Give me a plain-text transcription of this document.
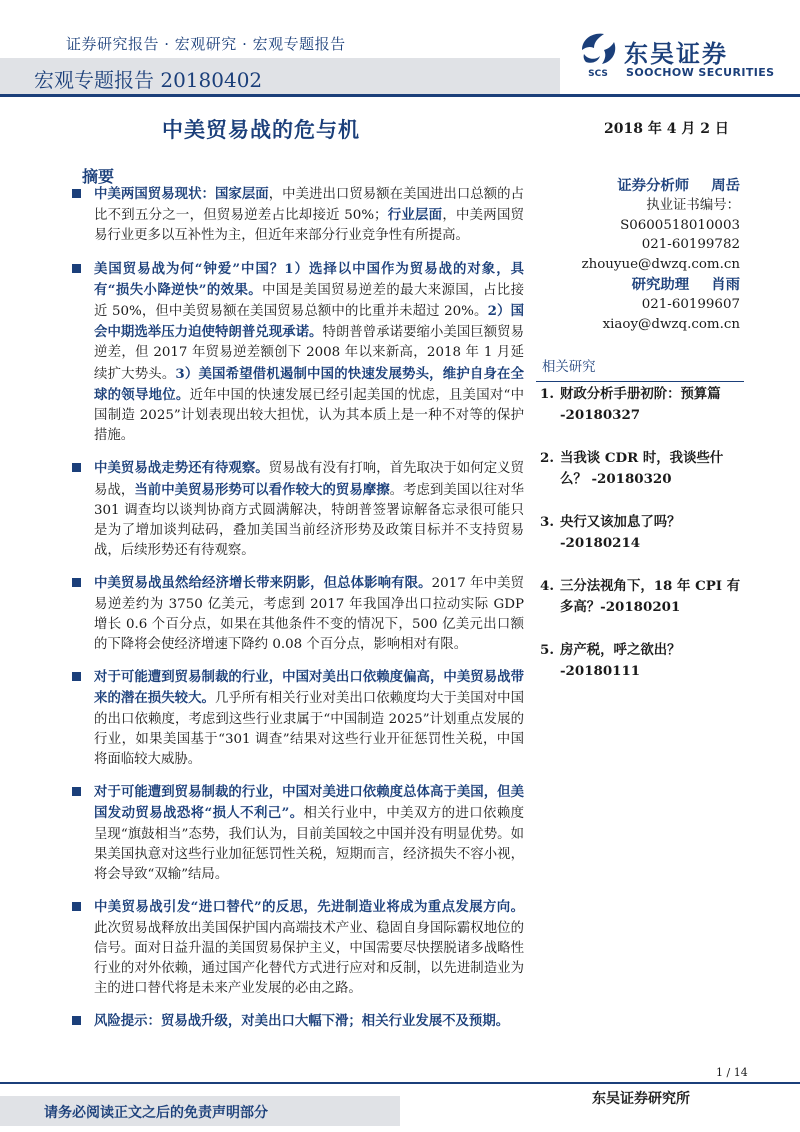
证券研究报告 · 宏观研究 · 宏观专题报告
宏观专题报告 20180402	SCS
东吴证券
SOOCHOW SECURITIES
中美贸易战的危与机	2018 年 4 月 2 日
摘要
中美两国贸易现状：国家层面，中美进出口贸易额在美国进出口总额的占比不到五分之一，但贸易逆差占比却接近 50%；行业层面，中美两国贸易行业更多以互补性为主，但近年来部分行业竞争性有所提高。
美国贸易战为何“钟爱”中国？1）选择以中国作为贸易战的对象，具有“损失小降逆快”的效果。中国是美国贸易逆差的最大来源国，占比接近 50%，但中美贸易额在美国贸易总额中的比重并未超过 20%。2）国会中期选举压力迫使特朗普兑现承诺。特朗普曾承诺要缩小美国巨额贸易逆差，但 2017 年贸易逆差额创下 2008 年以来新高，2018 年 1 月延续扩大势头。3）美国希望借机遏制中国的快速发展势头，维护自身在全球的领导地位。近年中国的快速发展已经引起美国的忧虑，且美国对“中国制造 2025”计划表现出较大担忧，认为其本质上是一种不对等的保护措施。
中美贸易战走势还有待观察。贸易战有没有打响，首先取决于如何定义贸易战，当前中美贸易形势可以看作较大的贸易摩擦。考虑到美国以往对华 301 调查均以谈判协商方式圆满解决，特朗普签署谅解备忘录很可能只是为了增加谈判砝码，叠加美国当前经济形势及政策目标并不支持贸易战，后续形势还有待观察。
中美贸易战虽然给经济增长带来阴影，但总体影响有限。2017 年中美贸易逆差约为 3750 亿美元，考虑到 2017 年我国净出口拉动实际 GDP 增长 0.6 个百分点，如果在其他条件不变的情况下，500 亿美元出口额的下降将会使经济增速下降约 0.08 个百分点，影响相对有限。
对于可能遭到贸易制裁的行业，中国对美出口依赖度偏高，中美贸易战带来的潜在损失较大。几乎所有相关行业对美出口依赖度均大于美国对中国的出口依赖度，考虑到这些行业隶属于“中国制造 2025”计划重点发展的行业，如果美国基于“301 调查”结果对这些行业开征惩罚性关税，中国将面临较大威胁。
对于可能遭到贸易制裁的行业，中国对美进口依赖度总体高于美国，但美国发动贸易战恐将“损人不利己”。相关行业中，中美双方的进口依赖度呈现“旗鼓相当”态势，我们认为，目前美国较之中国并没有明显优势。如果美国执意对这些行业加征惩罚性关税，短期而言，经济损失不容小视，将会导致“双输”结局。
中美贸易战引发“进口替代”的反思，先进制造业将成为重点发展方向。此次贸易战释放出美国保护国内高端技术产业、稳固自身国际霸权地位的信号。面对日益升温的美国贸易保护主义，中国需要尽快摆脱诸多战略性行业的对外依赖，通过国产化替代方式进行应对和反制，以先进制造业为主的进口替代将是未来产业发展的必由之路。
风险提示：贸易战升级，对美出口大幅下滑；相关行业发展不及预期。
证券分析师 周岳
执业证书编号：S0600518010003
021-60199782
zhouyue@dwzq.com.cn
研究助理 肖雨
021-60199607
xiaoy@dwzq.com.cn
相关研究
1. 财政分析手册初阶：预算篇 -20180327
2. 当我谈 CDR 时，我谈些什么？ -20180320
3. 央行又该加息了吗？ -20180214
4. 三分法视角下，18 年 CPI 有多高？-20180201
5. 房产税，呼之欲出？ -20180111
1 / 14
请务必阅读正文之后的免责声明部分
东吴证券研究所
